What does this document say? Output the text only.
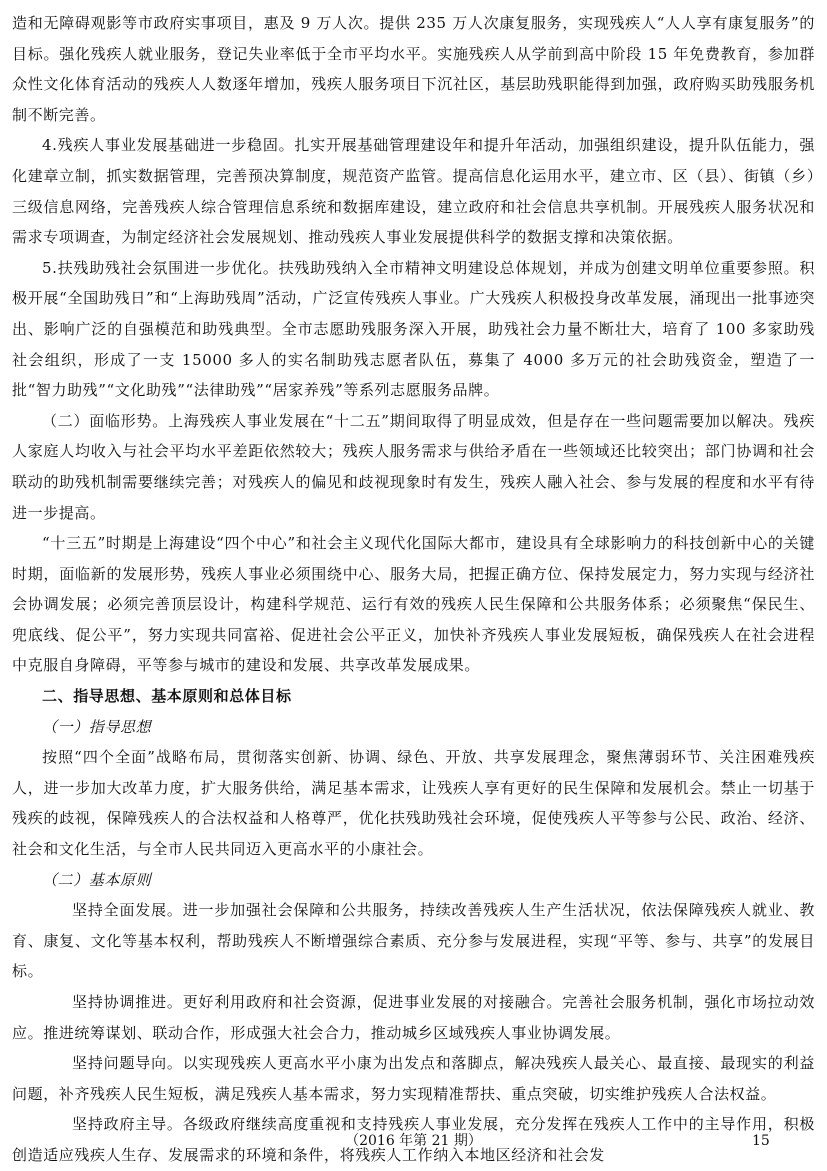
造和无障碍观影等市政府实事项目，惠及 9 万人次。提供 235 万人次康复服务，实现残疾人“人人享有康复服务”的目标。强化残疾人就业服务，登记失业率低于全市平均水平。实施残疾人从学前到高中阶段 15 年免费教育，参加群众性文化体育活动的残疾人人数逐年增加，残疾人服务项目下沉社区，基层助残职能得到加强，政府购买助残服务机制不断完善。

4.残疾人事业发展基础进一步稳固。扎实开展基础管理建设年和提升年活动，加强组织建设，提升队伍能力，强化建章立制，抓实数据管理，完善预决算制度，规范资产监管。提高信息化运用水平，建立市、区（县）、街镇（乡）三级信息网络，完善残疾人综合管理信息系统和数据库建设，建立政府和社会信息共享机制。开展残疾人服务状况和需求专项调查，为制定经济社会发展规划、推动残疾人事业发展提供科学的数据支撑和决策依据。

5.扶残助残社会氛围进一步优化。扶残助残纳入全市精神文明建设总体规划，并成为创建文明单位重要参照。积极开展“全国助残日”和“上海助残周”活动，广泛宣传残疾人事业。广大残疾人积极投身改革发展，涌现出一批事迹突出、影响广泛的自强模范和助残典型。全市志愿助残服务深入开展，助残社会力量不断壮大，培育了 100 多家助残社会组织，形成了一支 15000 多人的实名制助残志愿者队伍，募集了 4000 多万元的社会助残资金，塑造了一批“智力助残”“文化助残”“法律助残”“居家养残”等系列志愿服务品牌。

（二）面临形势。上海残疾人事业发展在“十二五”期间取得了明显成效，但是存在一些问题需要加以解决。残疾人家庭人均收入与社会平均水平差距依然较大；残疾人服务需求与供给矛盾在一些领域还比较突出；部门协调和社会联动的助残机制需要继续完善；对残疾人的偏见和歧视现象时有发生，残疾人融入社会、参与发展的程度和水平有待进一步提高。

“十三五”时期是上海建设“四个中心”和社会主义现代化国际大都市，建设具有全球影响力的科技创新中心的关键时期，面临新的发展形势，残疾人事业必须围绕中心、服务大局，把握正确方位、保持发展定力，努力实现与经济社会协调发展；必须完善顶层设计，构建科学规范、运行有效的残疾人民生保障和公共服务体系；必须聚焦“保民生、兜底线、促公平”，努力实现共同富裕、促进社会公平正义，加快补齐残疾人事业发展短板，确保残疾人在社会进程中克服自身障碍，平等参与城市的建设和发展、共享改革发展成果。

二、指导思想、基本原则和总体目标

（一）指导思想

按照“四个全面”战略布局，贯彻落实创新、协调、绿色、开放、共享发展理念，聚焦薄弱环节、关注困难残疾人，进一步加大改革力度，扩大服务供给，满足基本需求，让残疾人享有更好的民生保障和发展机会。禁止一切基于残疾的歧视，保障残疾人的合法权益和人格尊严，优化扶残助残社会环境，促使残疾人平等参与公民、政治、经济、社会和文化生活，与全市人民共同迈入更高水平的小康社会。

（二）基本原则

坚持全面发展。进一步加强社会保障和公共服务，持续改善残疾人生产生活状况，依法保障残疾人就业、教育、康复、文化等基本权利，帮助残疾人不断增强综合素质、充分参与发展进程，实现“平等、参与、共享”的发展目标。

坚持协调推进。更好利用政府和社会资源，促进事业发展的对接融合。完善社会服务机制，强化市场拉动效应。推进统筹谋划、联动合作，形成强大社会合力，推动城乡区域残疾人事业协调发展。

坚持问题导向。以实现残疾人更高水平小康为出发点和落脚点，解决残疾人最关心、最直接、最现实的利益问题，补齐残疾人民生短板，满足残疾人基本需求，努力实现精准帮扶、重点突破，切实维护残疾人合法权益。

坚持政府主导。各级政府继续高度重视和支持残疾人事业发展，充分发挥在残疾人工作中的主导作用，积极创造适应残疾人生存、发展需求的环境和条件，将残疾人工作纳入本地区经济和社会发

（2016 年第 21 期）	15
